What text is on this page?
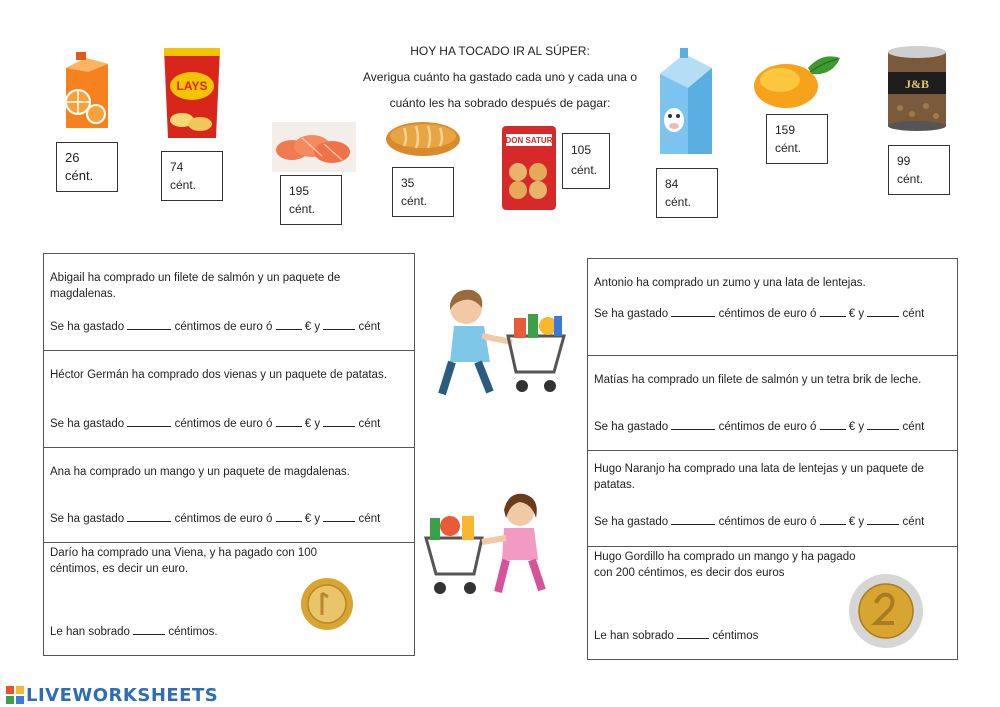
HOY HA TOCADO IR AL SÚPER:
Averigua cuánto ha gastado cada uno y cada una o
cuánto les ha sobrado después de pagar:
26
cént.
LAYS
74
cént.	195
cént.
35
cént.
DON SATUR
105
cént.
84
cént.
159
cént.
J&B
99
cént.
Abigail ha comprado un filete de salmón y un paquete de magdalenas.
Se ha gastado	céntimos de euro ó	€ y	cént
Héctor Germán ha comprado dos vienas y un paquete de patatas.
Se ha gastado	céntimos de euro ó	€ y	cént
Ana ha comprado un mango y un paquete de magdalenas.
Se ha gastado	céntimos de euro ó	€ y	cént
Darío ha comprado una Viena, y ha pagado con 100 céntimos, es decir un euro.
Le han sobrado	céntimos.
Antonio ha comprado un zumo y una lata de lentejas.
Se ha gastado	céntimos de euro ó	€ y	cént
Matías ha comprado un filete de salmón y un tetra brik de leche.
Se ha gastado	céntimos de euro ó	€ y	cént
Hugo Naranjo ha comprado una lata de lentejas y un paquete de patatas.
Se ha gastado	céntimos de euro ó	€ y	cént
Hugo Gordillo ha comprado un mango y ha pagado con 200 céntimos, es decir dos euros
Le han sobrado	céntimos
LIVEWORKSHEETS
